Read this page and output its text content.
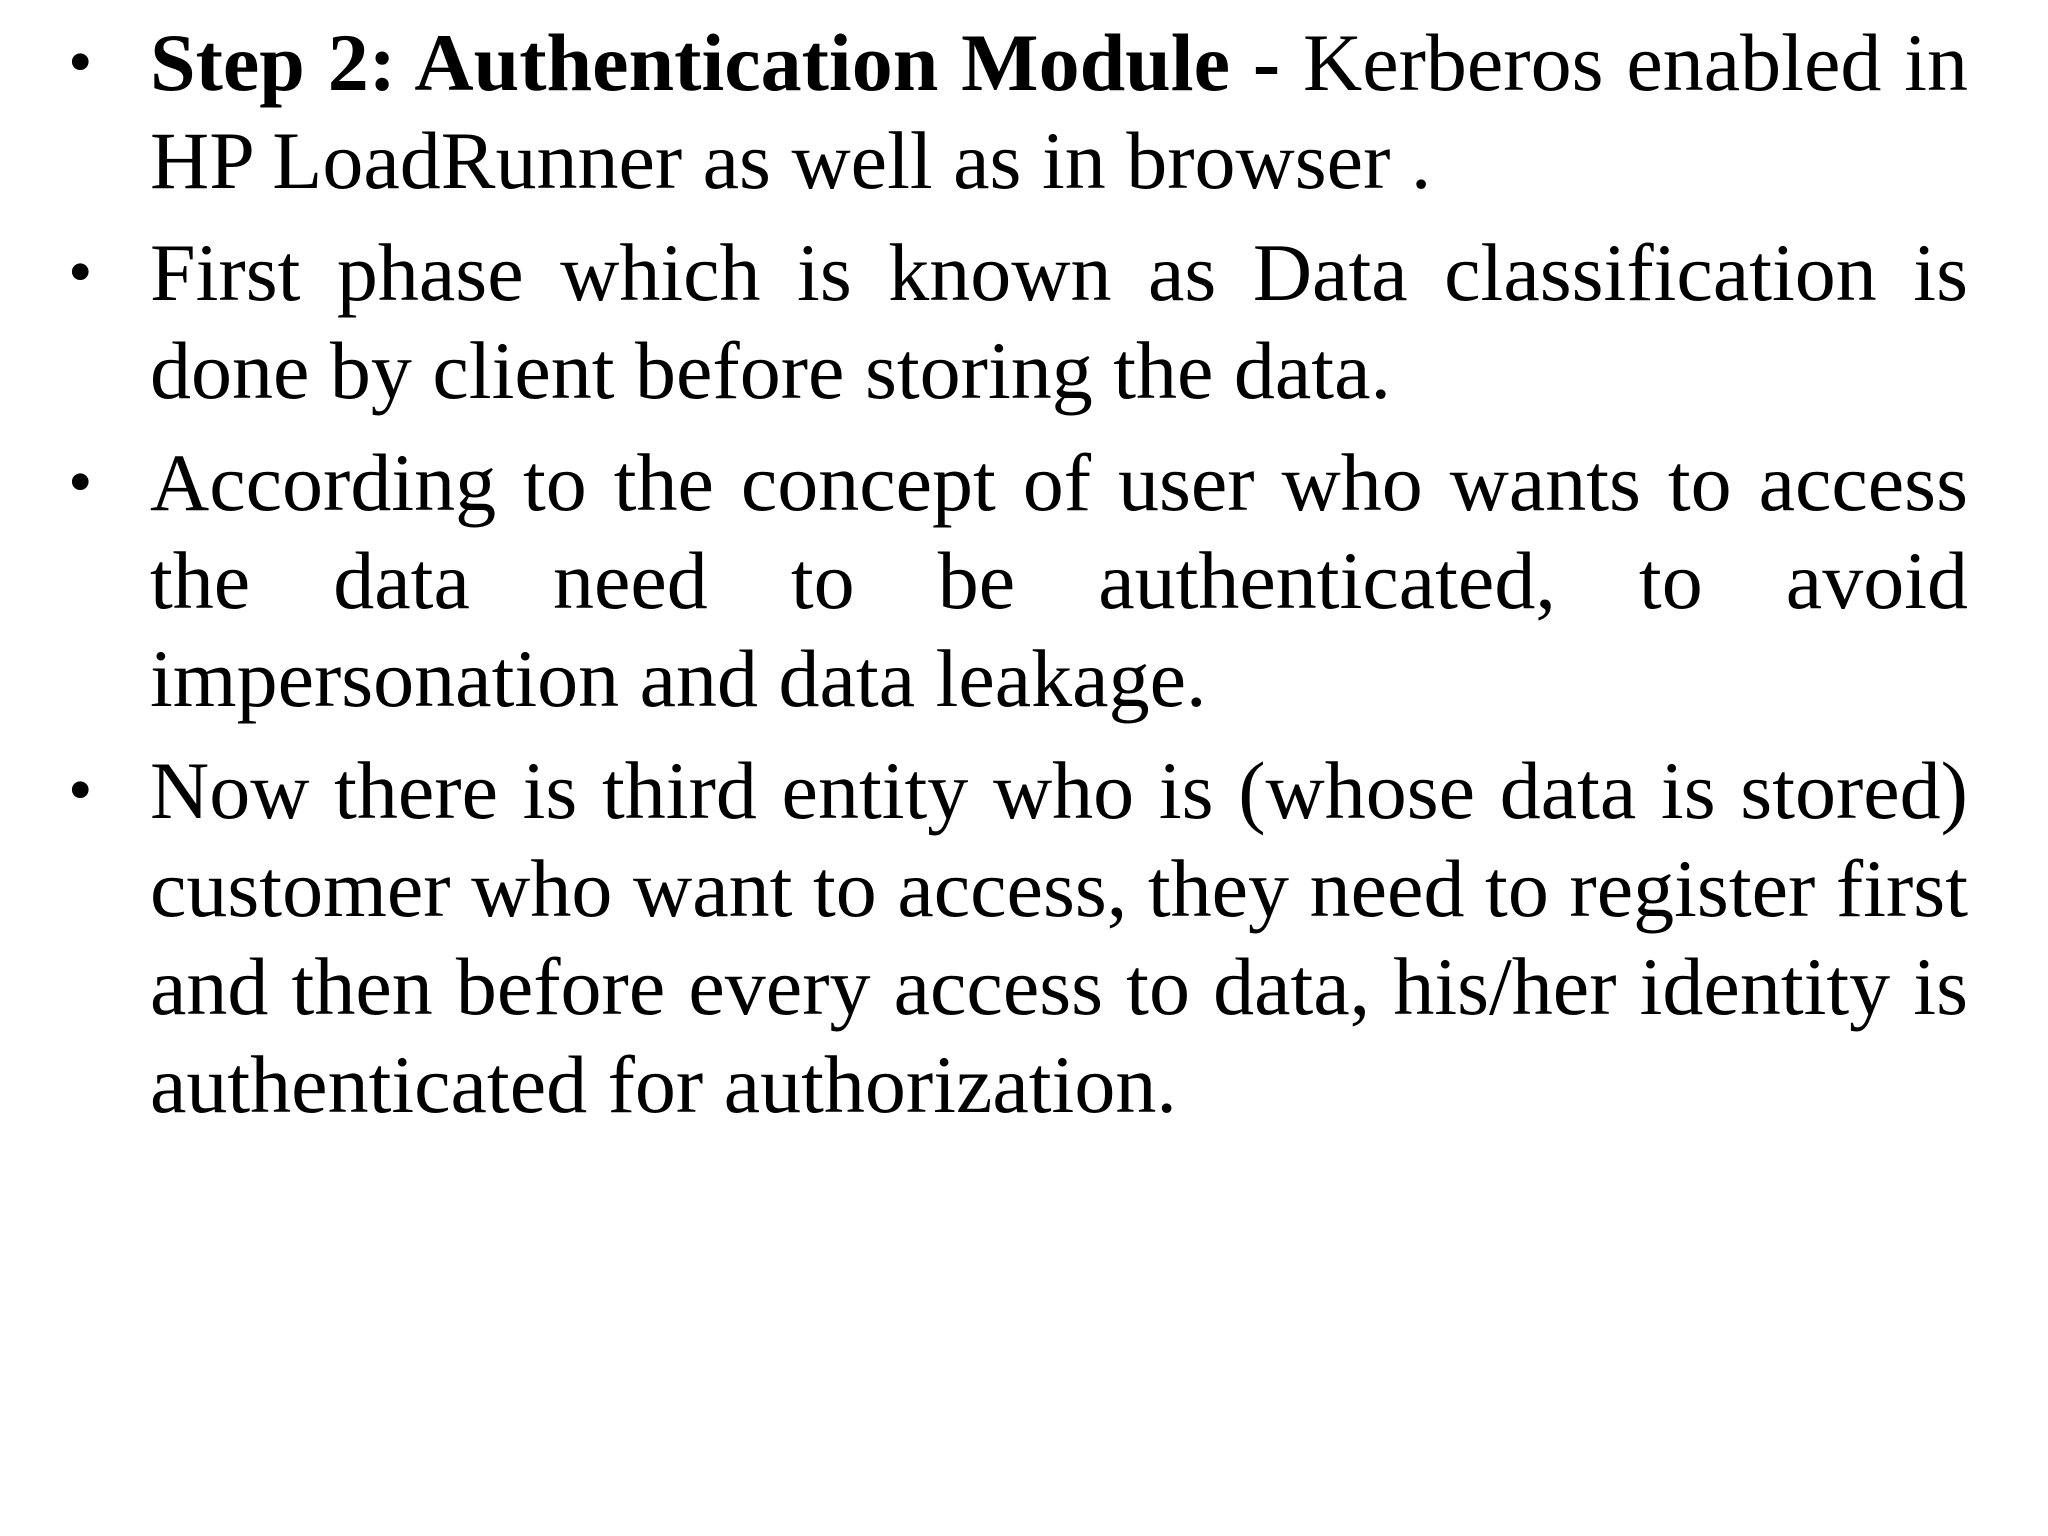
• Step 2: Authentication Module - Kerberos enabled in HP LoadRunner as well as in browser .
• First phase which is known as Data classification is done by client before storing the data.
• According to the concept of user who wants to access the data need to be authenticated, to avoid impersonation and data leakage.
• Now there is third entity who is (whose data is stored) customer who want to access, they need to register first and then before every access to data, his/her identity is authenticated for authorization.
